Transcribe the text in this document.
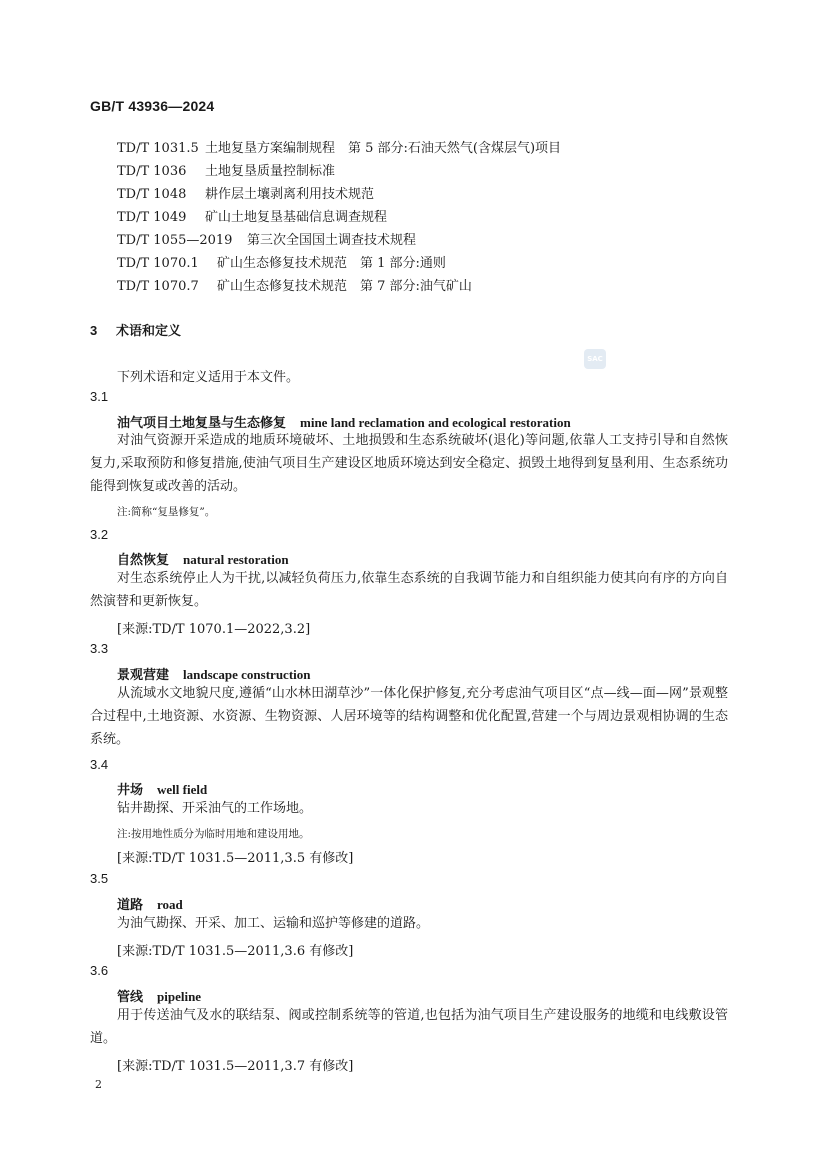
GB/T 43936—2024
TD/T 1031.5 土地复垦方案编制规程　第 5 部分:石油天然气(含煤层气)项目
TD/T 1036 土地复垦质量控制标准
TD/T 1048 耕作层土壤剥离利用技术规范
TD/T 1049 矿山土地复垦基础信息调查规程
TD/T 1055—2019 第三次全国国土调查技术规程
TD/T 1070.1 矿山生态修复技术规范　第 1 部分:通则
TD/T 1070.7 矿山生态修复技术规范　第 7 部分:油气矿山
3 术语和定义
下列术语和定义适用于本文件。
SAC
3.1
油气项目土地复垦与生态修复 mine land reclamation and ecological restoration

对油气资源开采造成的地质环境破坏、土地损毁和生态系统破坏(退化)等问题,依靠人工支持引导和自然恢复力,采取预防和修复措施,使油气项目生产建设区地质环境达到安全稳定、损毁土地得到复垦利用、生态系统功能得到恢复或改善的活动。

注:简称“复垦修复”。
3.2
自然恢复 natural restoration

对生态系统停止人为干扰,以减轻负荷压力,依靠生态系统的自我调节能力和自组织能力使其向有序的方向自然演替和更新恢复。

[来源:TD/T 1070.1—2022,3.2]
3.3
景观营建 landscape construction

从流域水文地貌尺度,遵循“山水林田湖草沙”一体化保护修复,充分考虑油气项目区“点—线—面—网”景观整合过程中,土地资源、水资源、生物资源、人居环境等的结构调整和优化配置,营建一个与周边景观相协调的生态系统。

3.4
井场 well field

钻井勘探、开采油气的工作场地。

注:按用地性质分为临时用地和建设用地。
[来源:TD/T 1031.5—2011,3.5 有修改]
3.5
道路 road

为油气勘探、开采、加工、运输和巡护等修建的道路。

[来源:TD/T 1031.5—2011,3.6 有修改]
3.6
管线 pipeline

用于传送油气及水的联结泵、阀或控制系统等的管道,也包括为油气项目生产建设服务的地缆和电线敷设管道。

[来源:TD/T 1031.5—2011,3.7 有修改]
2
